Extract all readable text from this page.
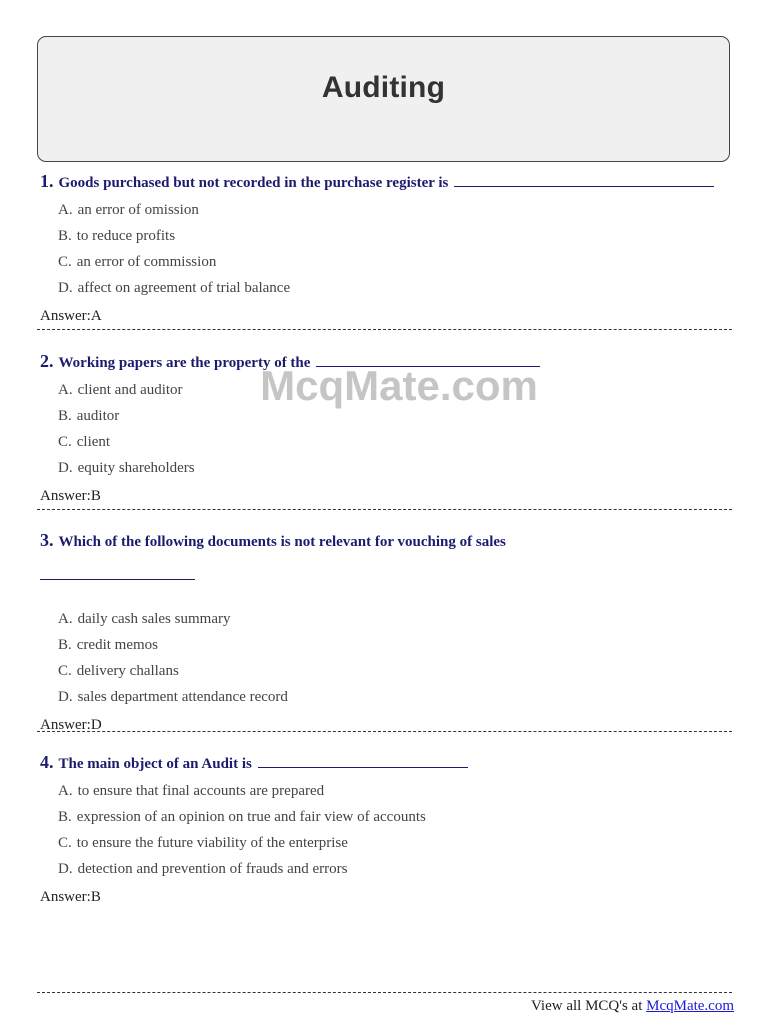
Auditing
1. Goods purchased but not recorded in the purchase register is
A. an error of omission
B. to reduce profits
C. an error of commission
D. affect on agreement of trial balance
Answer:A
2. Working papers are the property of the
A. client and auditor
B. auditor
C. client
D. equity shareholders
Answer:B
3. Which of the following documents is not relevant for vouching of sales
A. daily cash sales summary
B. credit memos
C. delivery challans
D. sales department attendance record
Answer:D
4. The main object of an Audit is
A. to ensure that final accounts are prepared
B. expression of an opinion on true and fair view of accounts
C. to ensure the future viability of the enterprise
D. detection and prevention of frauds and errors
Answer:B
McqMate.com
View all MCQ's at McqMate.com
